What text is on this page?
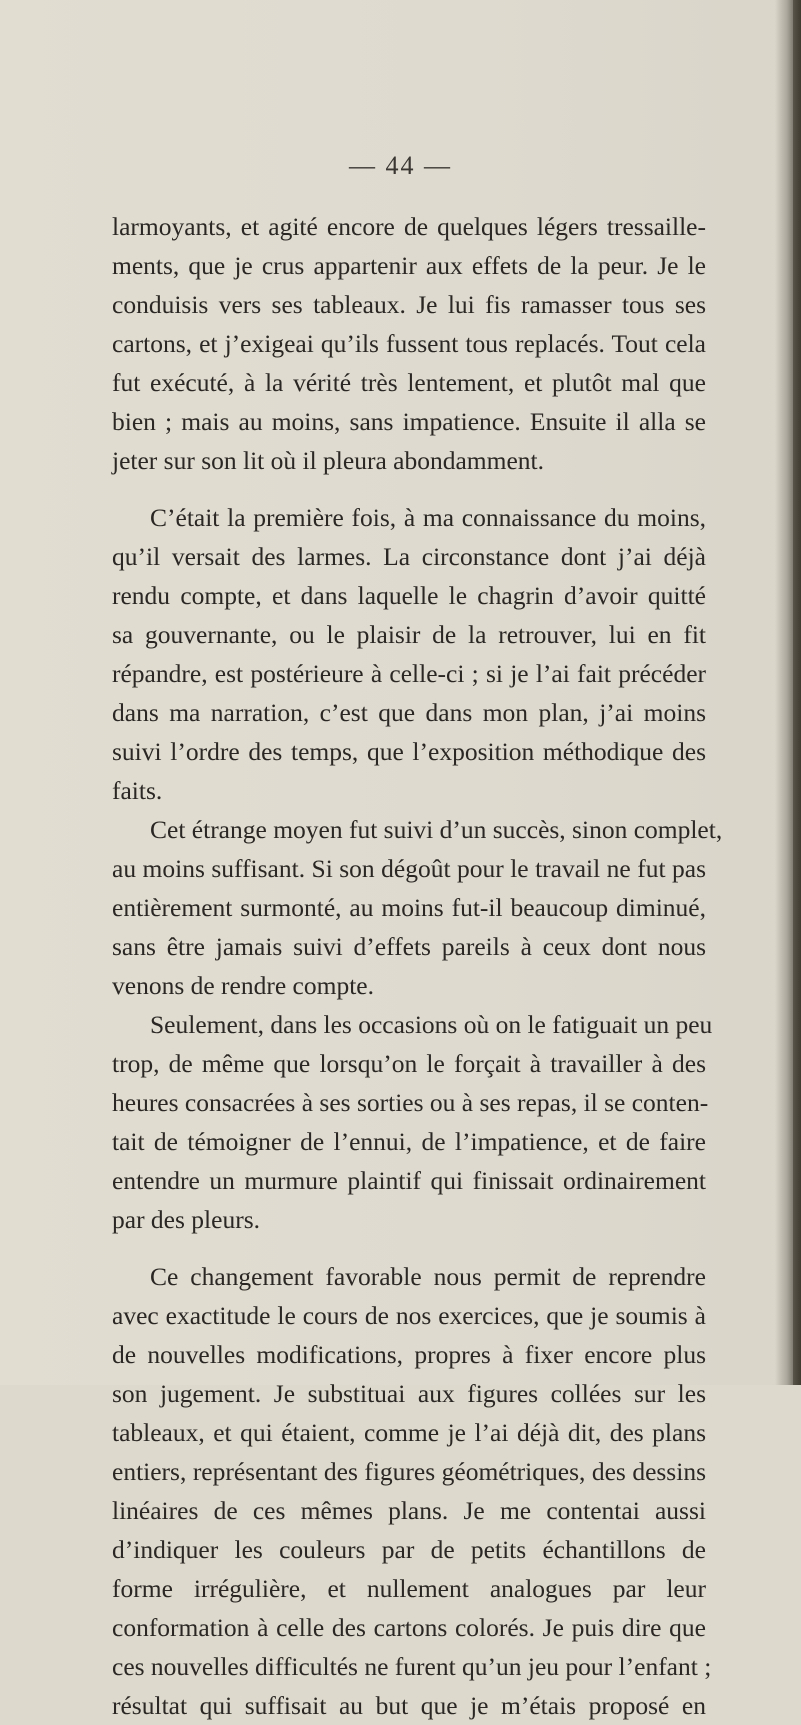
— 44 —
larmoyants, et agité encore de quelques légers tressaille-
ments, que je crus appartenir aux effets de la peur. Je le
conduisis vers ses tableaux. Je lui fis ramasser tous ses
cartons, et j’exigeai qu’ils fussent tous replacés. Tout cela
fut exécuté, à la vérité très lentement, et plutôt mal que
bien ; mais au moins, sans impatience. Ensuite il alla se
jeter sur son lit où il pleura abondamment.
C’était la première fois, à ma connaissance du moins,
qu’il versait des larmes. La circonstance dont j’ai déjà
rendu compte, et dans laquelle le chagrin d’avoir quitté
sa gouvernante, ou le plaisir de la retrouver, lui en fit
répandre, est postérieure à celle-ci ; si je l’ai fait précéder
dans ma narration, c’est que dans mon plan, j’ai moins
suivi l’ordre des temps, que l’exposition méthodique des
faits.
Cet étrange moyen fut suivi d’un succès, sinon complet,
au moins suffisant. Si son dégoût pour le travail ne fut pas
entièrement surmonté, au moins fut-il beaucoup diminué,
sans être jamais suivi d’effets pareils à ceux dont nous
venons de rendre compte.
Seulement, dans les occasions où on le fatiguait un peu
trop, de même que lorsqu’on le forçait à travailler à des
heures consacrées à ses sorties ou à ses repas, il se conten-
tait de témoigner de l’ennui, de l’impatience, et de faire
entendre un murmure plaintif qui finissait ordinairement
par des pleurs.
Ce changement favorable nous permit de reprendre
avec exactitude le cours de nos exercices, que je soumis à
de nouvelles modifications, propres à fixer encore plus
son jugement. Je substituai aux figures collées sur les
tableaux, et qui étaient, comme je l’ai déjà dit, des plans
entiers, représentant des figures géométriques, des dessins
linéaires de ces mêmes plans. Je me contentai aussi
d’indiquer les couleurs par de petits échantillons de
forme irrégulière, et nullement analogues par leur
conformation à celle des cartons colorés. Je puis dire que
ces nouvelles difficultés ne furent qu’un jeu pour l’enfant ;
résultat qui suffisait au but que je m’étais proposé en
